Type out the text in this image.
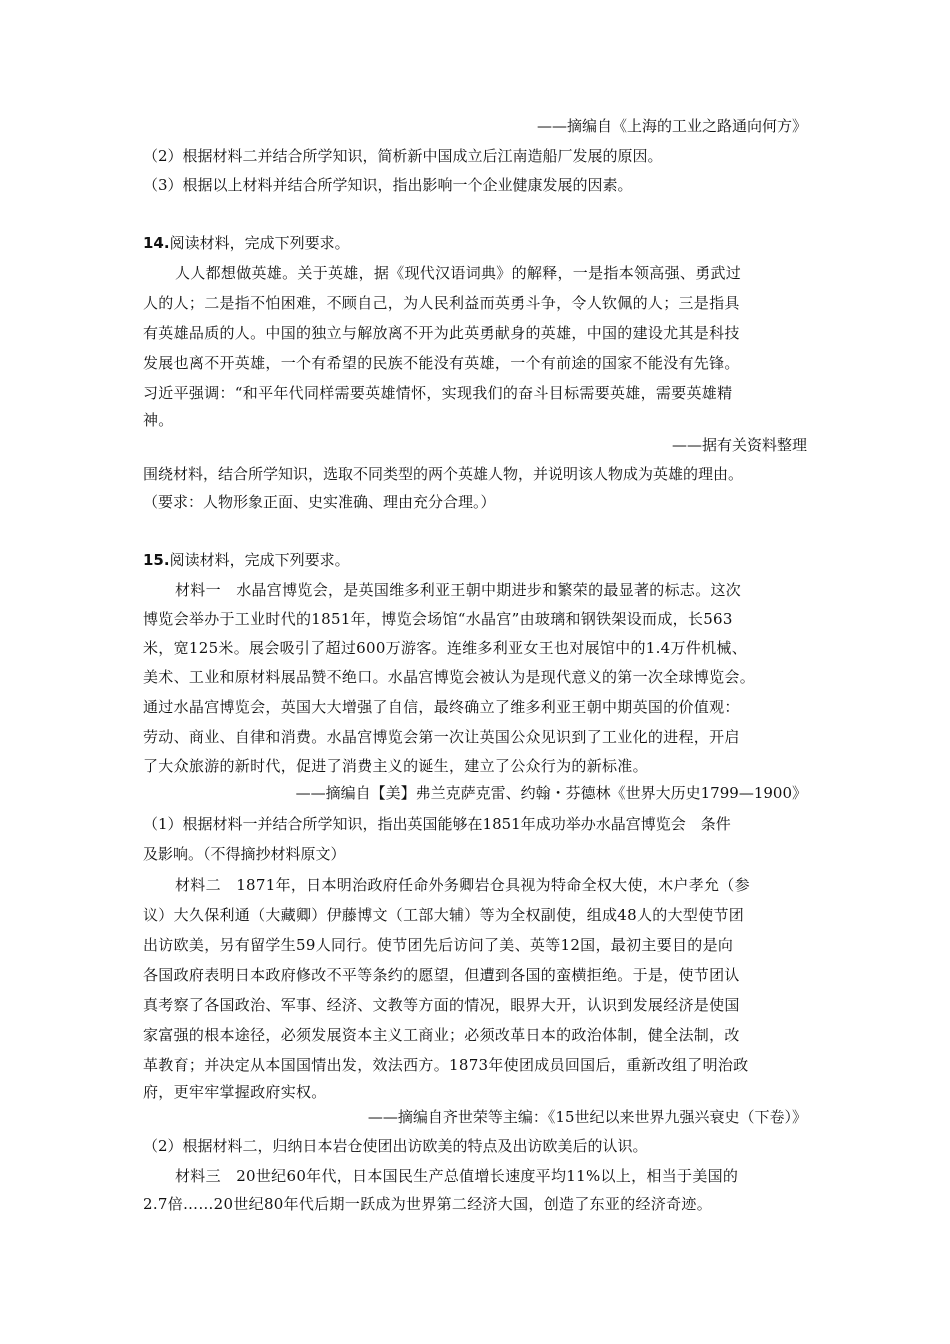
——摘编自《上海的工业之路通向何方》
（2）根据材料二并结合所学知识，简析新中国成立后江南造船厂发展的原因。
（3）根据以上材料并结合所学知识，指出影响一个企业健康发展的因素。
14.阅读材料，完成下列要求。
人人都想做英雄。关于英雄，据《现代汉语词典》的解释，一是指本领高强、勇武过
人的人；二是指不怕困难，不顾自己，为人民利益而英勇斗争，令人钦佩的人；三是指具
有英雄品质的人。中国的独立与解放离不开为此英勇献身的英雄，中国的建设尤其是科技
发展也离不开英雄，一个有希望的民族不能没有英雄，一个有前途的国家不能没有先锋。
习近平强调：“和平年代同样需要英雄情怀，实现我们的奋斗目标需要英雄，需要英雄精
神。
——据有关资料整理
围绕材料，结合所学知识，选取不同类型的两个英雄人物，并说明该人物成为英雄的理由。
（要求：人物形象正面、史实准确、理由充分合理。）
15.阅读材料，完成下列要求。
材料一　水晶宫博览会，是英国维多利亚王朝中期进步和繁荣的最显著的标志。这次
博览会举办于工业时代的1851年，博览会场馆“水晶宫”由玻璃和钢铁架设而成，长563
米，宽125米。展会吸引了超过600万游客。连维多利亚女王也对展馆中的1.4万件机械、
美术、工业和原材料展品赞不绝口。水晶宫博览会被认为是现代意义的第一次全球博览会。
通过水晶宫博览会，英国大大增强了自信，最终确立了维多利亚王朝中期英国的价值观：
劳动、商业、自律和消费。水晶宫博览会第一次让英国公众见识到了工业化的进程，开启
了大众旅游的新时代，促进了消费主义的诞生，建立了公众行为的新标准。
——摘编自【美】弗兰克萨克雷、约翰・芬德林《世界大历史1799—1900》
（1）根据材料一并结合所学知识，指出英国能够在1851年成功举办水晶宫博览会　条件
及影响。（不得摘抄材料原文）
材料二　1871年，日本明治政府任命外务卿岩仓具视为特命全权大使，木户孝允（参
议）大久保利通（大藏卿）伊藤博文（工部大辅）等为全权副使，组成48人的大型使节团
出访欧美，另有留学生59人同行。使节团先后访问了美、英等12国，最初主要目的是向
各国政府表明日本政府修改不平等条约的愿望，但遭到各国的蛮横拒绝。于是，使节团认
真考察了各国政治、军事、经济、文教等方面的情况，眼界大开，认识到发展经济是使国
家富强的根本途径，必须发展资本主义工商业；必须改革日本的政治体制，健全法制，改
革教育；并决定从本国国情出发，效法西方。1873年使团成员回国后，重新改组了明治政
府，更牢牢掌握政府实权。
——摘编自齐世荣等主编：《15世纪以来世界九强兴衰史（下卷）》
（2）根据材料二，归纳日本岩仓使团出访欧美的特点及出访欧美后的认识。
材料三　20世纪60年代，日本国民生产总值增长速度平均11%以上，相当于美国的
2.7倍……20世纪80年代后期一跃成为世界第二经济大国，创造了东亚的经济奇迹。
